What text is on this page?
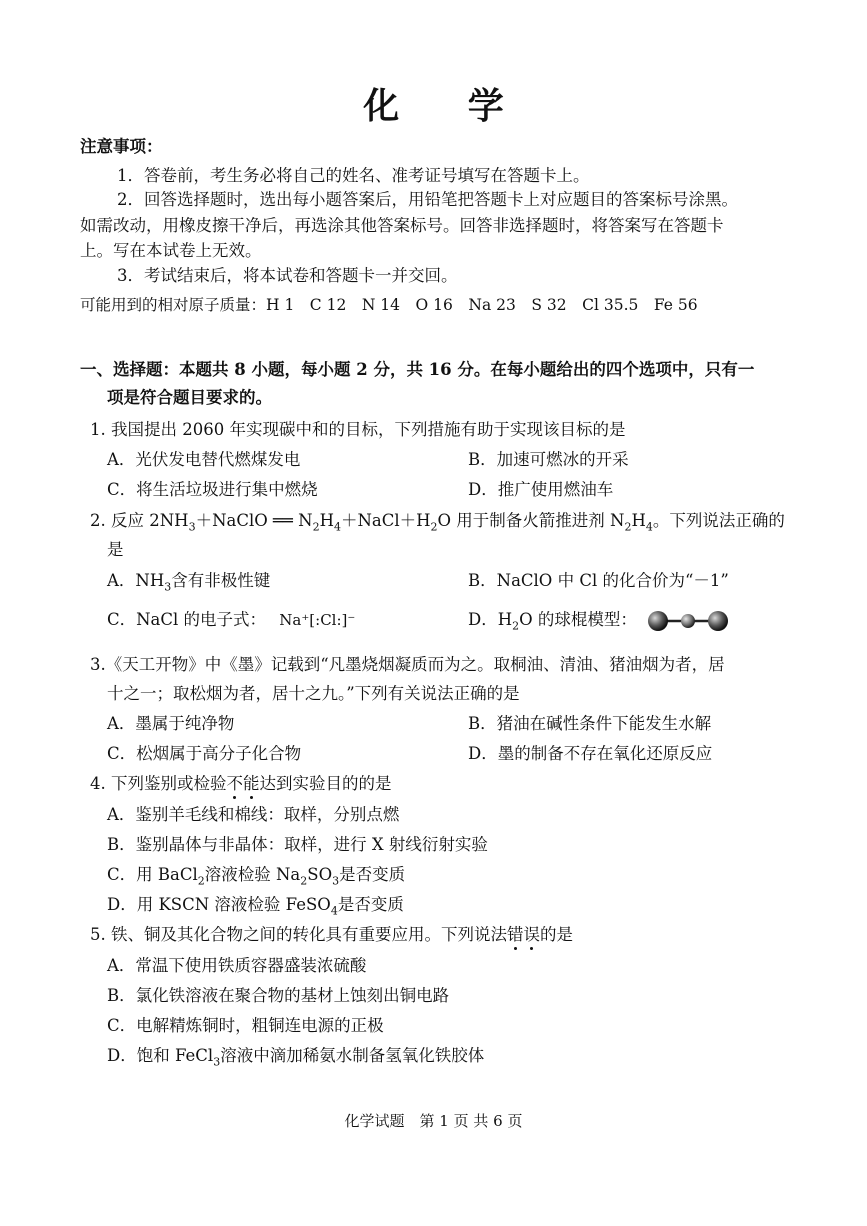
化 学
注意事项：
1．答卷前，考生务必将自己的姓名、准考证号填写在答题卡上。
2．回答选择题时，选出每小题答案后，用铅笔把答题卡上对应题目的答案标号涂黑。
如需改动，用橡皮擦干净后，再选涂其他答案标号。回答非选择题时，将答案写在答题卡
上。写在本试卷上无效。
3．考试结束后，将本试卷和答题卡一并交回。
可能用到的相对原子质量：H 1　C 12　N 14　O 16　Na 23　S 32　Cl 35.5　Fe 56
一、选择题：本题共 8 小题，每小题 2 分，共 16 分。在每小题给出的四个选项中，只有一
项是符合题目要求的。
1. 我国提出 2060 年实现碳中和的目标，下列措施有助于实现该目标的是
A．光伏发电替代燃煤发电	B．加速可燃冰的开采
C．将生活垃圾进行集中燃烧	D．推广使用燃油车
2. 反应 $2NH_3+NaClO$ ══ $N_2H_4+NaCl+H_2O$ 用于制备火箭推进剂 $N_2H_4$。下列说法正确的
是
A．$NH_3$含有非极性键	B．NaClO 中 Cl 的化合价为“－1”
C．NaCl 的电子式： Na⁺[:Cl:]⁻	D．$H_2O$ 的球棍模型：
3.《天工开物》中《墨》记载到“凡墨烧烟凝质而为之。取桐油、清油、猪油烟为者，居
十之一；取松烟为者，居十之九。”下列有关说法正确的是
A．墨属于纯净物	B．猪油在碱性条件下能发生水解
C．松烟属于高分子化合物	D．墨的制备不存在氧化还原反应
4. 下列鉴别或检验不能达到实验目的的是
A．鉴别羊毛线和棉线：取样，分别点燃
B．鉴别晶体与非晶体：取样，进行 X 射线衍射实验
C．用 BaCl$_2$溶液检验 $Na_2SO_3$是否变质
D．用 KSCN 溶液检验 FeSO$_4$是否变质
5. 铁、铜及其化合物之间的转化具有重要应用。下列说法错误的是
A．常温下使用铁质容器盛装浓硫酸
B．氯化铁溶液在聚合物的基材上蚀刻出铜电路
C．电解精炼铜时，粗铜连电源的正极
D．饱和 FeCl$_3$溶液中滴加稀氨水制备氢氧化铁胶体
化学试题　第 1 页 共 6 页
